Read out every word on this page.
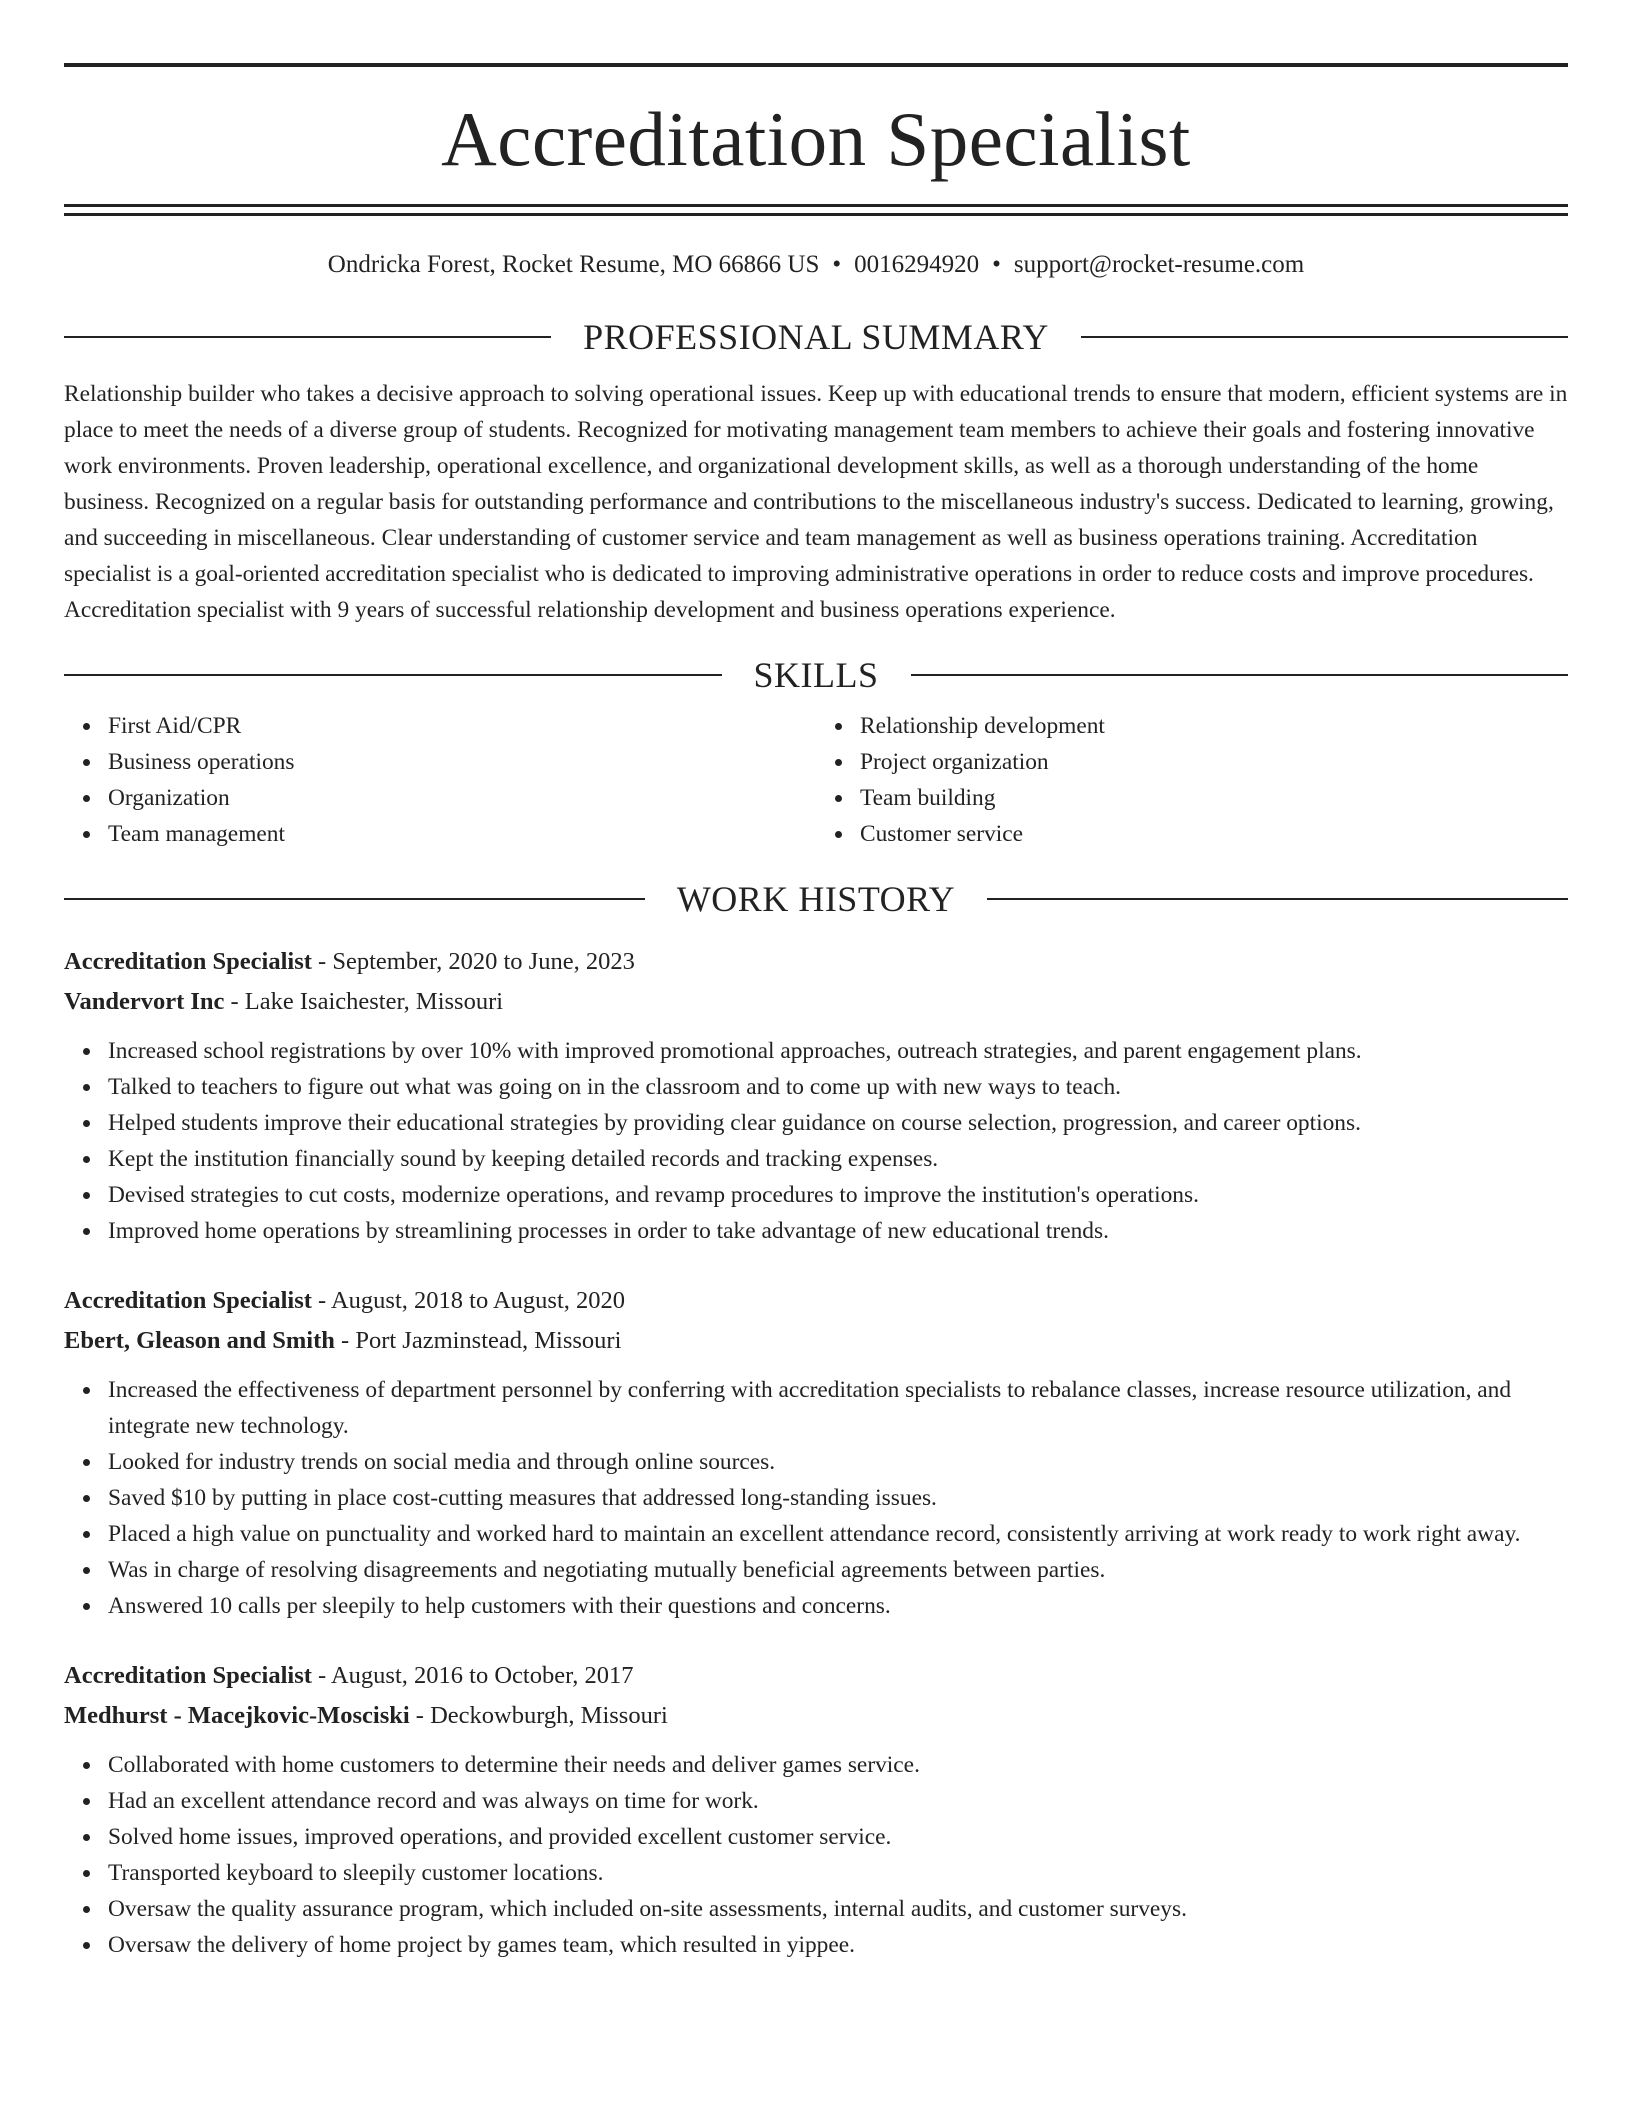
Accreditation Specialist
Ondricka Forest, Rocket Resume, MO 66866 US • 0016294920 • support@rocket-resume.com
PROFESSIONAL SUMMARY
Relationship builder who takes a decisive approach to solving operational issues. Keep up with educational trends to ensure that modern, efficient systems are in place to meet the needs of a diverse group of students. Recognized for motivating management team members to achieve their goals and fostering innovative work environments. Proven leadership, operational excellence, and organizational development skills, as well as a thorough understanding of the home business. Recognized on a regular basis for outstanding performance and contributions to the miscellaneous industry's success. Dedicated to learning, growing, and succeeding in miscellaneous. Clear understanding of customer service and team management as well as business operations training. Accreditation specialist is a goal-oriented accreditation specialist who is dedicated to improving administrative operations in order to reduce costs and improve procedures. Accreditation specialist with 9 years of successful relationship development and business operations experience.
SKILLS
First Aid/CPR
Business operations
Organization
Team management
Relationship development
Project organization
Team building
Customer service
WORK HISTORY
Accreditation Specialist - September, 2020 to June, 2023
Vandervort Inc - Lake Isaichester, Missouri
Increased school registrations by over 10% with improved promotional approaches, outreach strategies, and parent engagement plans.
Talked to teachers to figure out what was going on in the classroom and to come up with new ways to teach.
Helped students improve their educational strategies by providing clear guidance on course selection, progression, and career options.
Kept the institution financially sound by keeping detailed records and tracking expenses.
Devised strategies to cut costs, modernize operations, and revamp procedures to improve the institution's operations.
Improved home operations by streamlining processes in order to take advantage of new educational trends.
Accreditation Specialist - August, 2018 to August, 2020
Ebert, Gleason and Smith - Port Jazminstead, Missouri
Increased the effectiveness of department personnel by conferring with accreditation specialists to rebalance classes, increase resource utilization, and integrate new technology.
Looked for industry trends on social media and through online sources.
Saved $10 by putting in place cost-cutting measures that addressed long-standing issues.
Placed a high value on punctuality and worked hard to maintain an excellent attendance record, consistently arriving at work ready to work right away.
Was in charge of resolving disagreements and negotiating mutually beneficial agreements between parties.
Answered 10 calls per sleepily to help customers with their questions and concerns.
Accreditation Specialist - August, 2016 to October, 2017
Medhurst - Macejkovic-Mosciski - Deckowburgh, Missouri
Collaborated with home customers to determine their needs and deliver games service.
Had an excellent attendance record and was always on time for work.
Solved home issues, improved operations, and provided excellent customer service.
Transported keyboard to sleepily customer locations.
Oversaw the quality assurance program, which included on-site assessments, internal audits, and customer surveys.
Oversaw the delivery of home project by games team, which resulted in yippee.
